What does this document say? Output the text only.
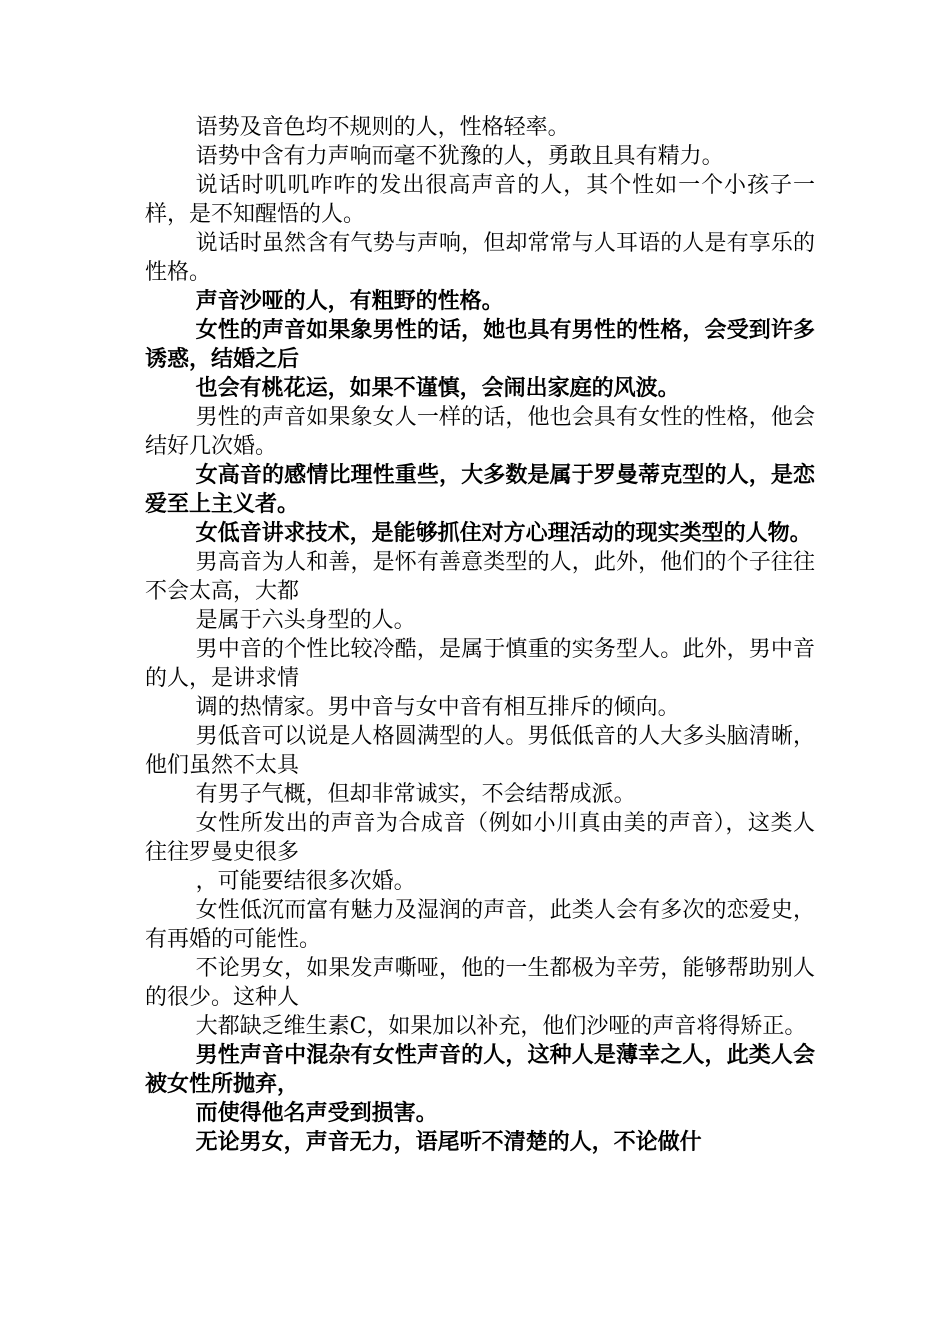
语势及音色均不规则的人，性格轻率。

语势中含有力声响而毫不犹豫的人，勇敢且具有精力。

说话时叽叽咋咋的发出很高声音的人，其个性如一个小孩子一样，是不知醒悟的人。

说话时虽然含有气势与声响，但却常常与人耳语的人是有享乐的性格。

声音沙哑的人，有粗野的性格。

女性的声音如果象男性的话，她也具有男性的性格，会受到许多诱惑，结婚之后

也会有桃花运，如果不谨慎，会闹出家庭的风波。

男性的声音如果象女人一样的话，他也会具有女性的性格，他会结好几次婚。

女高音的感情比理性重些，大多数是属于罗曼蒂克型的人，是恋爱至上主义者。

女低音讲求技术，是能够抓住对方心理活动的现实类型的人物。

男高音为人和善，是怀有善意类型的人，此外，他们的个子往往不会太高，大都

是属于六头身型的人。

男中音的个性比较冷酷，是属于慎重的实务型人。此外，男中音的人，是讲求情

调的热情家。男中音与女中音有相互排斥的倾向。

男低音可以说是人格圆满型的人。男低低音的人大多头脑清晰，他们虽然不太具

有男子气概，但却非常诚实，不会结帮成派。

女性所发出的声音为合成音（例如小川真由美的声音），这类人往往罗曼史很多

，可能要结很多次婚。

女性低沉而富有魅力及湿润的声音，此类人会有多次的恋爱史，有再婚的可能性。

不论男女，如果发声嘶哑，他的一生都极为辛劳，能够帮助别人的很少。这种人

大都缺乏维生素C，如果加以补充，他们沙哑的声音将得矫正。

男性声音中混杂有女性声音的人，这种人是薄幸之人，此类人会被女性所抛弃，

而使得他名声受到损害。

无论男女，声音无力，语尾听不清楚的人，不论做什
